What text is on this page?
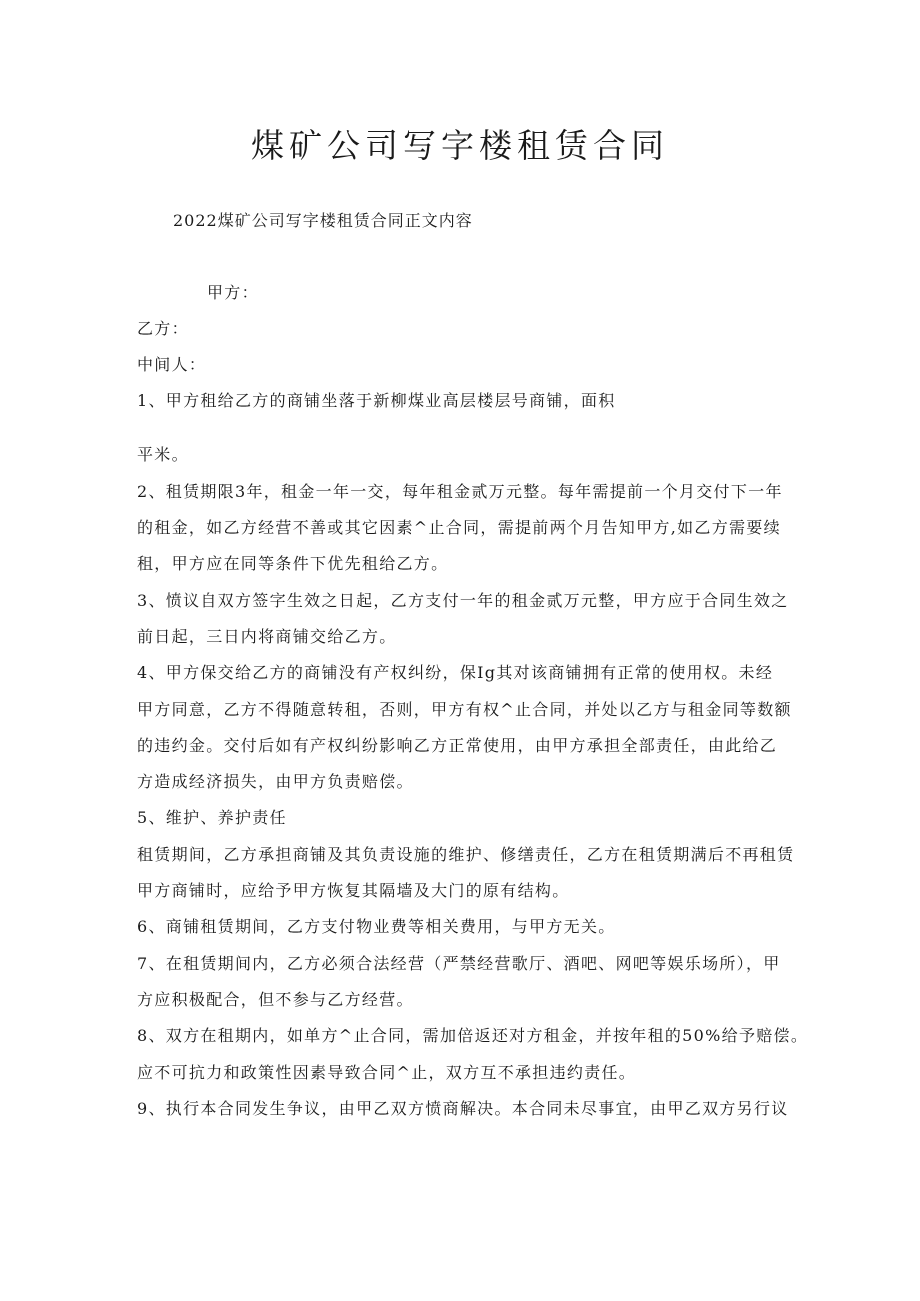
煤矿公司写字楼租赁合同
2022煤矿公司写字楼租赁合同正文内容
甲方：
乙方：
中间人：
1、甲方租给乙方的商铺坐落于新柳煤业高层楼层号商铺，面积
平米。
2、租赁期限3年，租金一年一交，每年租金贰万元整。每年需提前一个月交付下一年
的租金，如乙方经营不善或其它因素^止合同，需提前两个月告知甲方,如乙方需要续
租，甲方应在同等条件下优先租给乙方。
3、愤议自双方签字生效之日起，乙方支付一年的租金贰万元整，甲方应于合同生效之
前日起，三日内将商铺交给乙方。
4、甲方保交给乙方的商铺没有产权纠纷，保Ig其对该商铺拥有正常的使用权。未经
甲方同意，乙方不得随意转租，否则，甲方有权^止合同，并处以乙方与租金同等数额
的违约金。交付后如有产权纠纷影响乙方正常使用，由甲方承担全部责任，由此给乙
方造成经济损失，由甲方负责赔偿。
5、维护、养护责任
租赁期间，乙方承担商铺及其负责设施的维护、修缮责任，乙方在租赁期满后不再租赁
甲方商铺时，应给予甲方恢复其隔墙及大门的原有结构。
6、商铺租赁期间，乙方支付物业费等相关费用，与甲方无关。
7、在租赁期间内，乙方必须合法经营（严禁经营歌厅、酒吧、网吧等娱乐场所），甲
方应积极配合，但不参与乙方经营。
8、双方在租期内，如单方^止合同，需加倍返还对方租金，并按年租的50%给予赔偿。
应不可抗力和政策性因素导致合同^止，双方互不承担违约责任。
9、执行本合同发生争议，由甲乙双方愤商解决。本合同未尽事宜，由甲乙双方另行议
